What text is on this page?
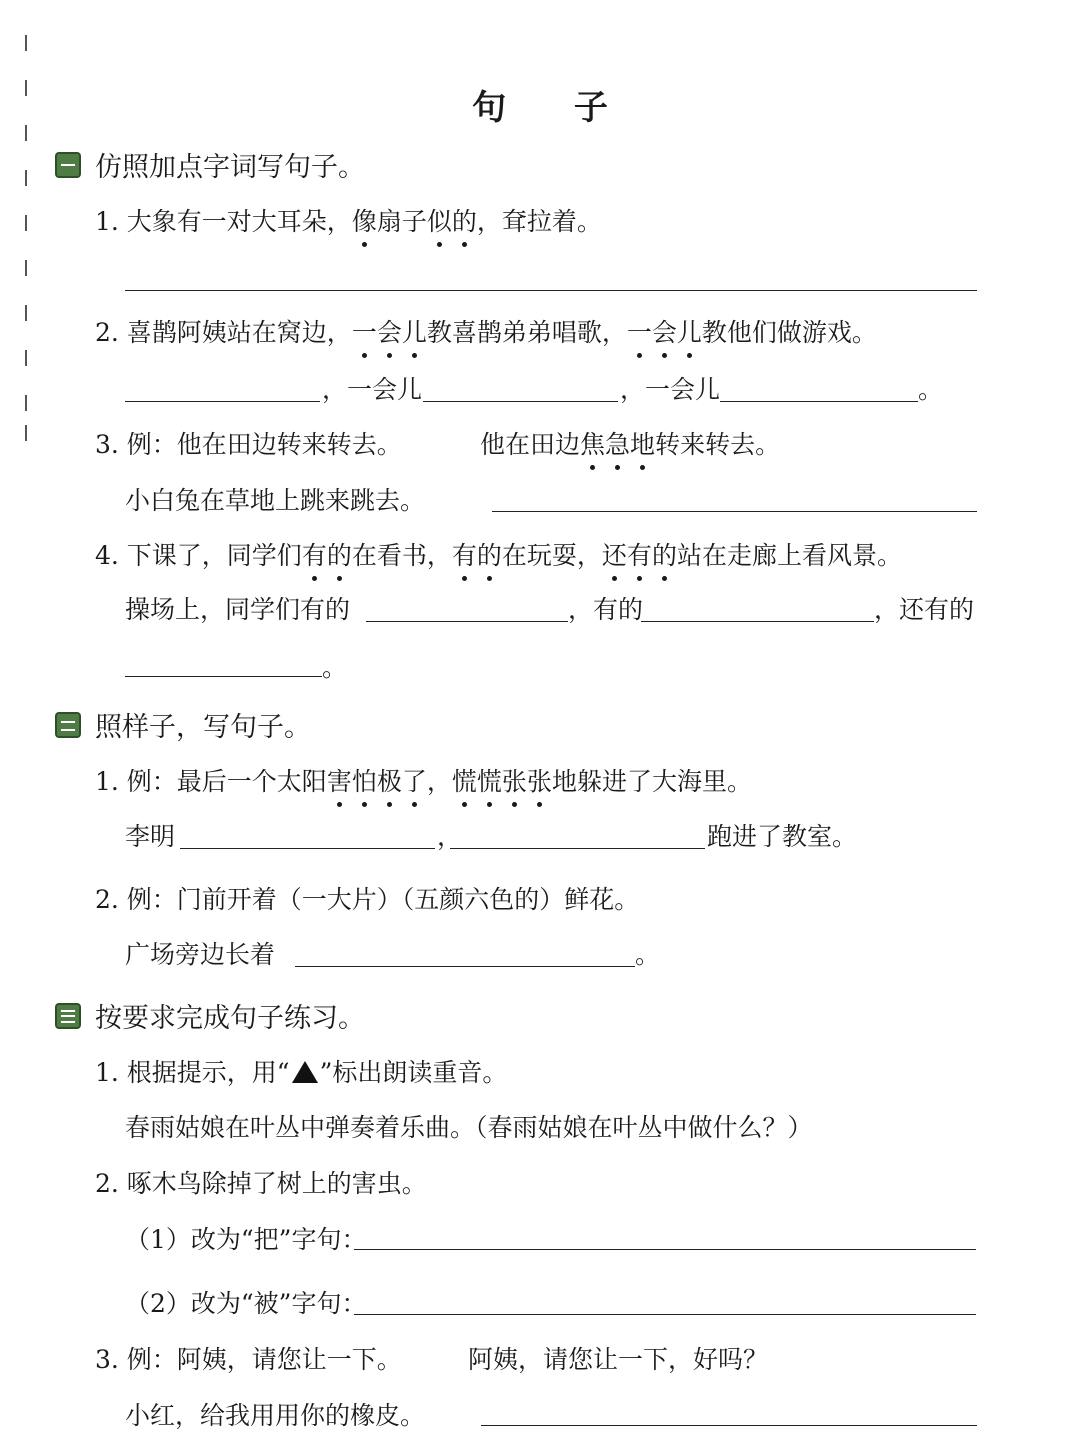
句 子
仿照加点字词写句子。
1. 大象有一对大耳朵，像扇子似的，耷拉着。
2. 喜鹊阿姨站在窝边，一会儿教喜鹊弟弟唱歌，一会儿教他们做游戏。
，一会儿	，一会儿	。
3. 例：他在田边转来转去。	他在田边焦急地转来转去。
小白兔在草地上跳来跳去。
4. 下课了，同学们有的在看书，有的在玩耍，还有的站在走廊上看风景。
操场上，同学们有的	，有的	，还有的
。
照样子，写句子。
1. 例：最后一个太阳害怕极了，慌慌张张地躲进了大海里。
李明	，	跑进了教室。
2. 例：门前开着（一大片）（五颜六色的）鲜花。
广场旁边长着	。
按要求完成句子练习。
1. 根据提示，用“ ”标出朗读重音。
春雨姑娘在叶丛中弹奏着乐曲。（春雨姑娘在叶丛中做什么？）
2. 啄木鸟除掉了树上的害虫。
（1）改为“把”字句：
（2）改为“被”字句：
3. 例：阿姨，请您让一下。	阿姨，请您让一下，好吗？
小红，给我用用你的橡皮。
